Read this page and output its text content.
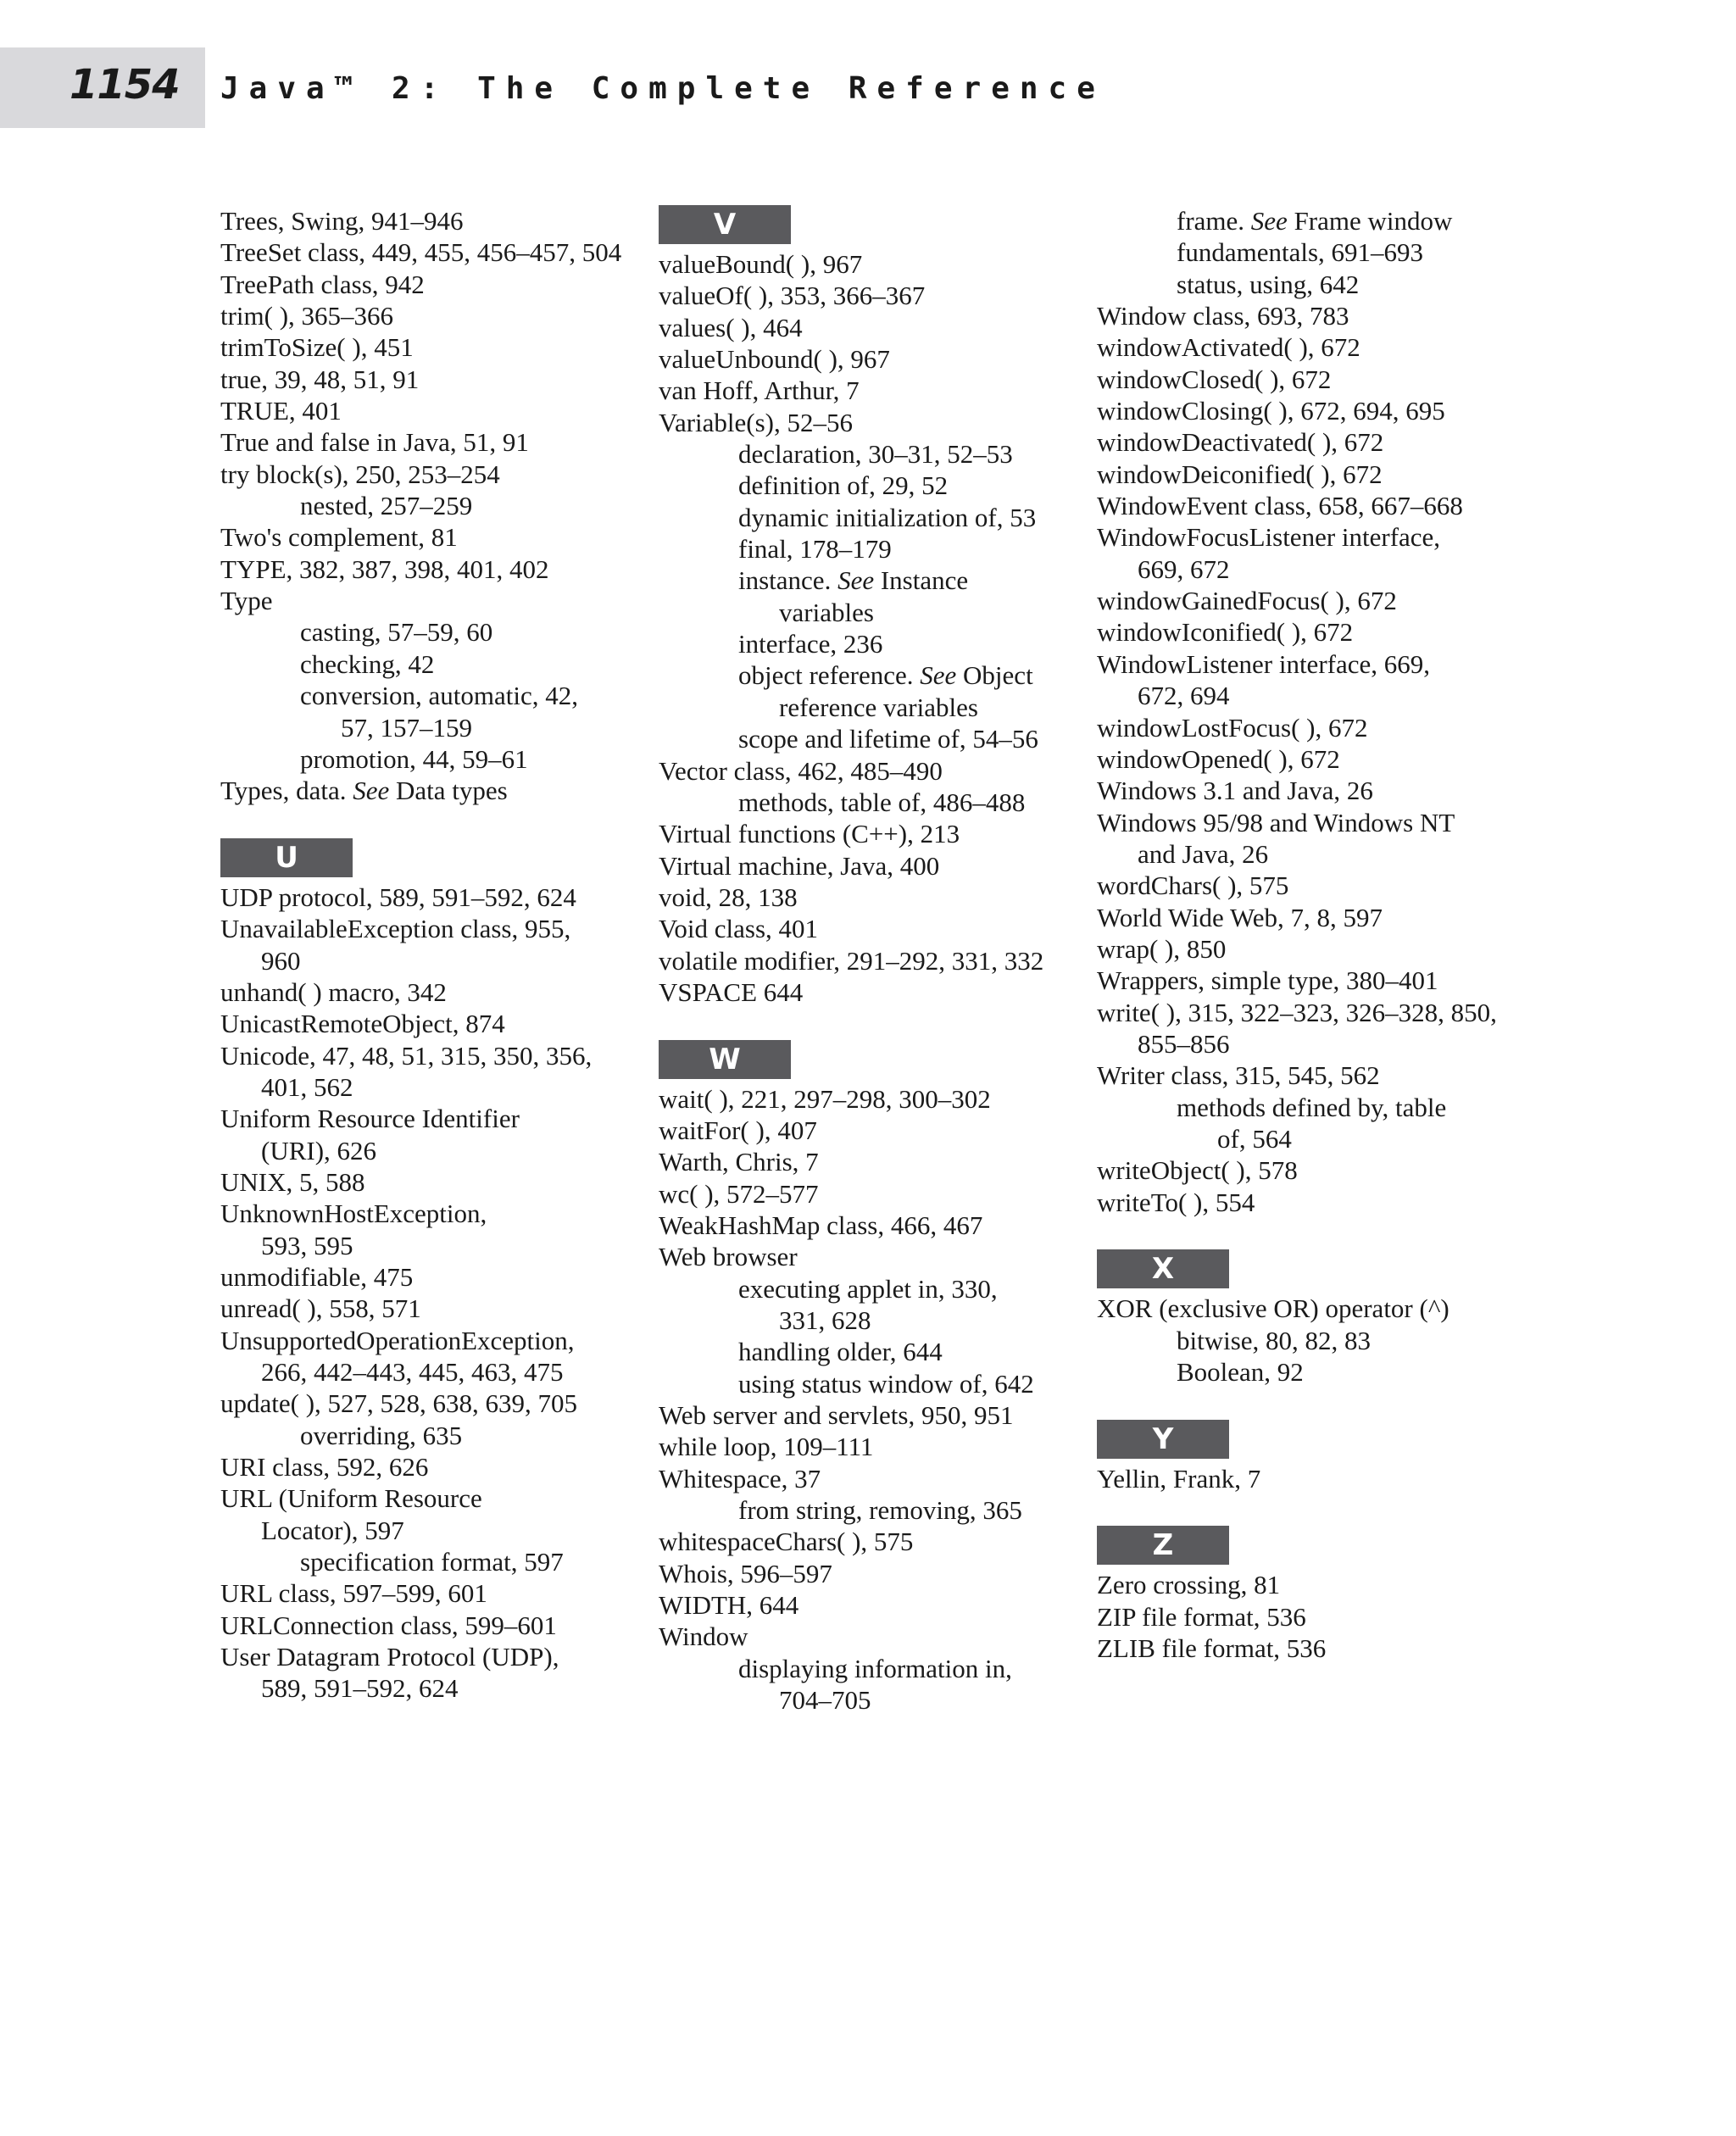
1154 Java™ 2: The Complete Reference
Trees, Swing, 941–946
TreeSet class, 449, 455, 456–457, 504
TreePath class, 942
trim( ), 365–366
trimToSize( ), 451
true, 39, 48, 51, 91
TRUE, 401
True and false in Java, 51, 91
try block(s), 250, 253–254
nested, 257–259
Two's complement, 81
TYPE, 382, 387, 398, 401, 402
Type
casting, 57–59, 60
checking, 42
conversion, automatic, 42,
57, 157–159
promotion, 44, 59–61
Types, data. See Data types
U
UDP protocol, 589, 591–592, 624
UnavailableException class, 955,
960
unhand( ) macro, 342
UnicastRemoteObject, 874
Unicode, 47, 48, 51, 315, 350, 356,
401, 562
Uniform Resource Identifier
(URI), 626
UNIX, 5, 588
UnknownHostException,
593, 595
unmodifiable, 475
unread( ), 558, 571
UnsupportedOperationException,
266, 442–443, 445, 463, 475
update( ), 527, 528, 638, 639, 705
overriding, 635
URI class, 592, 626
URL (Uniform Resource
Locator), 597
specification format, 597
URL class, 597–599, 601
URLConnection class, 599–601
User Datagram Protocol (UDP),
589, 591–592, 624
V
valueBound( ), 967
valueOf( ), 353, 366–367
values( ), 464
valueUnbound( ), 967
van Hoff, Arthur, 7
Variable(s), 52–56
declaration, 30–31, 52–53
definition of, 29, 52
dynamic initialization of, 53
final, 178–179
instance. See Instance
variables
interface, 236
object reference. See Object
reference variables
scope and lifetime of, 54–56
Vector class, 462, 485–490
methods, table of, 486–488
Virtual functions (C++), 213
Virtual machine, Java, 400
void, 28, 138
Void class, 401
volatile modifier, 291–292, 331, 332
VSPACE 644
W
wait( ), 221, 297–298, 300–302
waitFor( ), 407
Warth, Chris, 7
wc( ), 572–577
WeakHashMap class, 466, 467
Web browser
executing applet in, 330,
331, 628
handling older, 644
using status window of, 642
Web server and servlets, 950, 951
while loop, 109–111
Whitespace, 37
from string, removing, 365
whitespaceChars( ), 575
Whois, 596–597
WIDTH, 644
Window
displaying information in,
704–705
frame. See Frame window
fundamentals, 691–693
status, using, 642
Window class, 693, 783
windowActivated( ), 672
windowClosed( ), 672
windowClosing( ), 672, 694, 695
windowDeactivated( ), 672
windowDeiconified( ), 672
WindowEvent class, 658, 667–668
WindowFocusListener interface,
669, 672
windowGainedFocus( ), 672
windowIconified( ), 672
WindowListener interface, 669,
672, 694
windowLostFocus( ), 672
windowOpened( ), 672
Windows 3.1 and Java, 26
Windows 95/98 and Windows NT
and Java, 26
wordChars( ), 575
World Wide Web, 7, 8, 597
wrap( ), 850
Wrappers, simple type, 380–401
write( ), 315, 322–323, 326–328, 850,
855–856
Writer class, 315, 545, 562
methods defined by, table
of, 564
writeObject( ), 578
writeTo( ), 554
X
XOR (exclusive OR) operator (^)
bitwise, 80, 82, 83
Boolean, 92
Y
Yellin, Frank, 7
Z
Zero crossing, 81
ZIP file format, 536
ZLIB file format, 536
